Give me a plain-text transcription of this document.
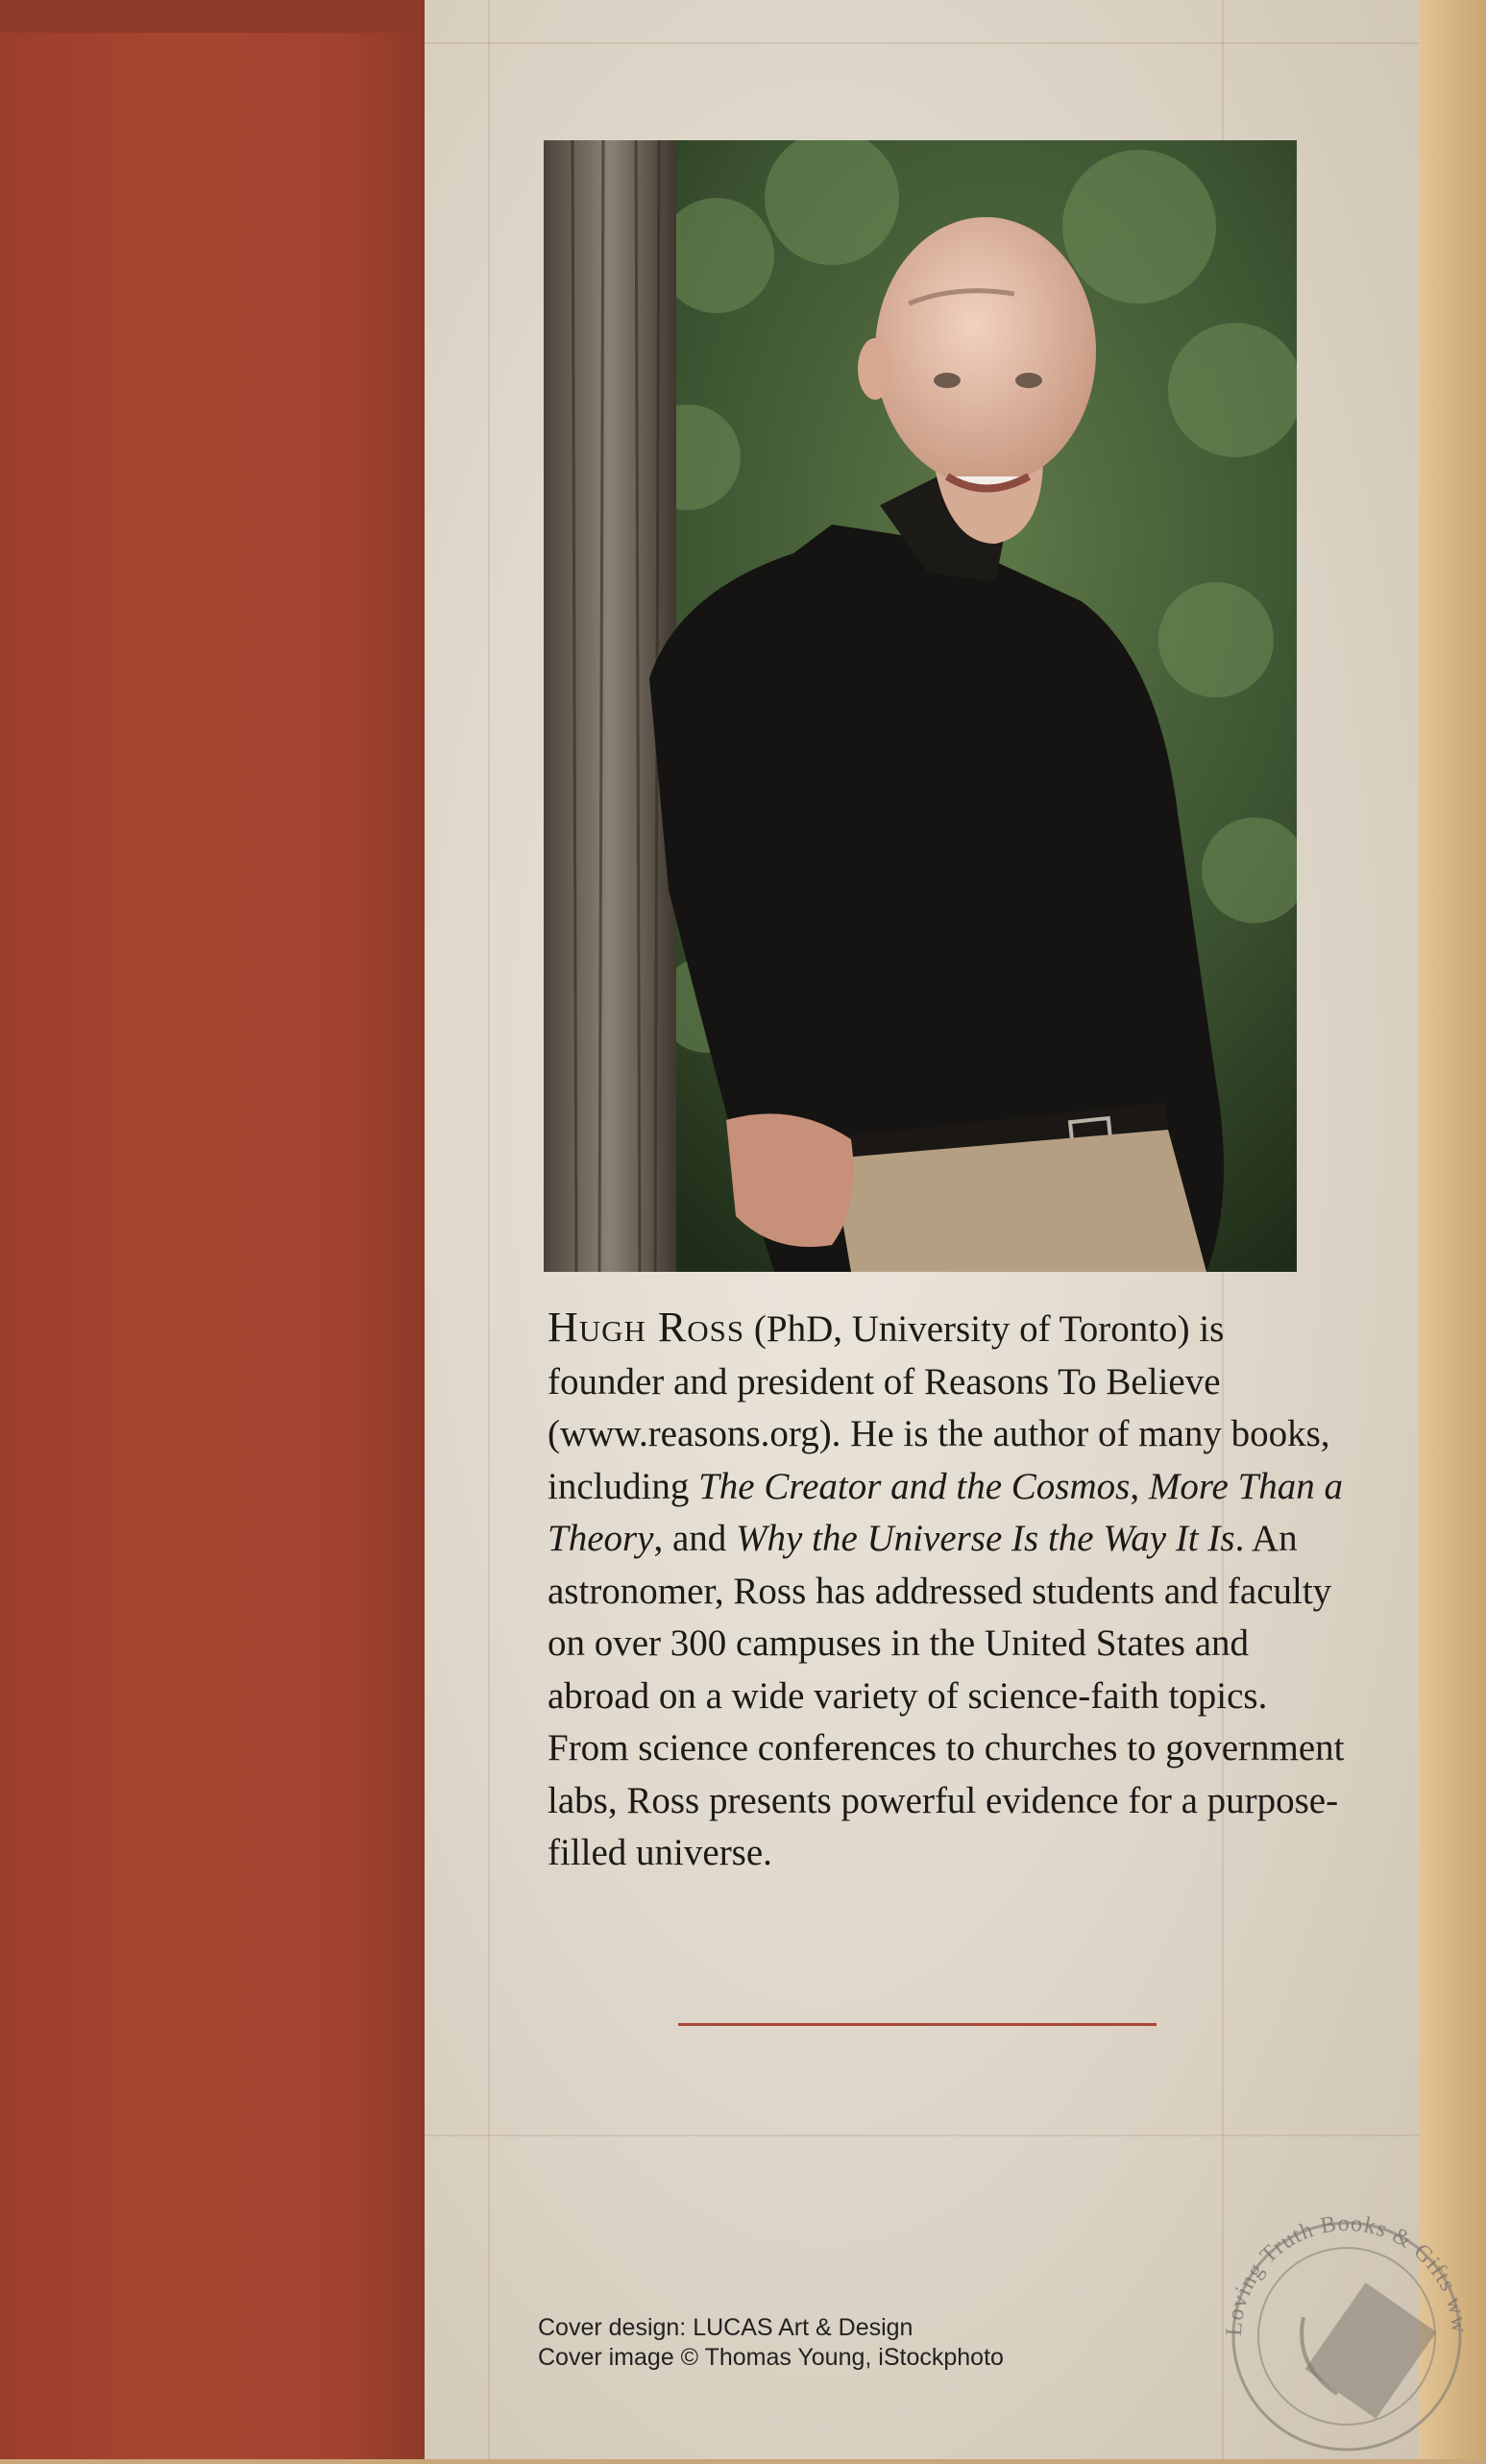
Hugh Ross (PhD, University of Toronto) is founder and president of Reasons To Believe (www.reasons.org). He is the author of many books, including The Creator and the Cosmos, More Than a Theory, and Why the Universe Is the Way It Is. An astronomer, Ross has addressed students and faculty on over 300 campuses in the United States and abroad on a wide variety of science-faith topics. From science conferences to churches to government labs, Ross presents powerful evidence for a purpose-filled universe.
Cover design: LUCAS Art & Design
Cover image © Thomas Young, iStockphoto
Loving Truth Books & Gifts ww
